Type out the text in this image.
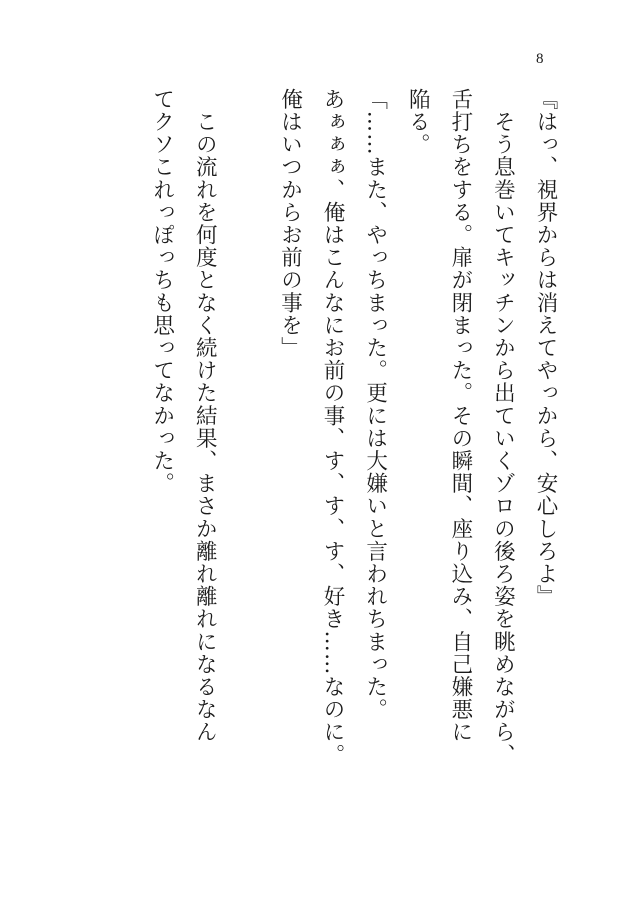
8
『はっ、視界からは消えてやっから、安心しろよ』
　そう息巻いてキッチンから出ていくゾロの後ろ姿を眺めながら、
舌打ちをする。扉が閉まった。その瞬間、座り込み、自己嫌悪に
陥る。
「……また、やっちまった。更には大嫌いと言われちまった。
あぁぁぁ、俺はこんなにお前の事、す、す、す、好き……なのに。
俺はいつからお前の事を」
　この流れを何度となく続けた結果、まさか離れ離れになるなん
てクソこれっぽっちも思ってなかった。
